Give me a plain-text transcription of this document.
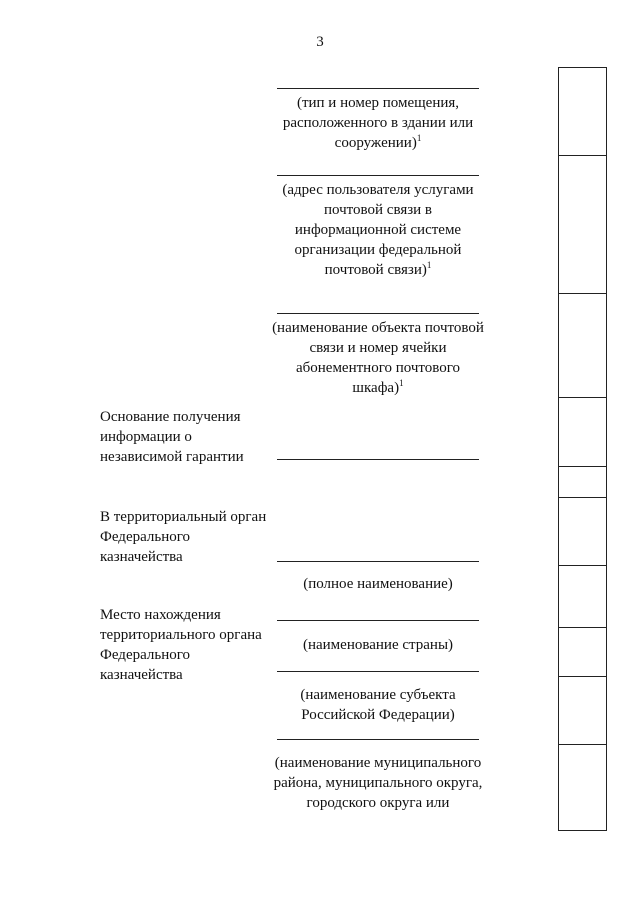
3
(тип и номер помещения, расположенного в здании или сооружении)$^1$
(адрес пользователя услугами почтовой связи в информационной системе организации федеральной почтовой связи)$^1$
(наименование объекта почтовой связи и номер ячейки абонементного почтового шкафа)$^1$
(полное наименование)
(наименование страны)
(наименование субъекта Российской Федерации)
(наименование муниципального района, муниципального округа, городского округа или
Основание получения информации о независимой гарантии
В территориальный орган Федерального казначейства
Место нахождения территориального органа Федерального казначейства
